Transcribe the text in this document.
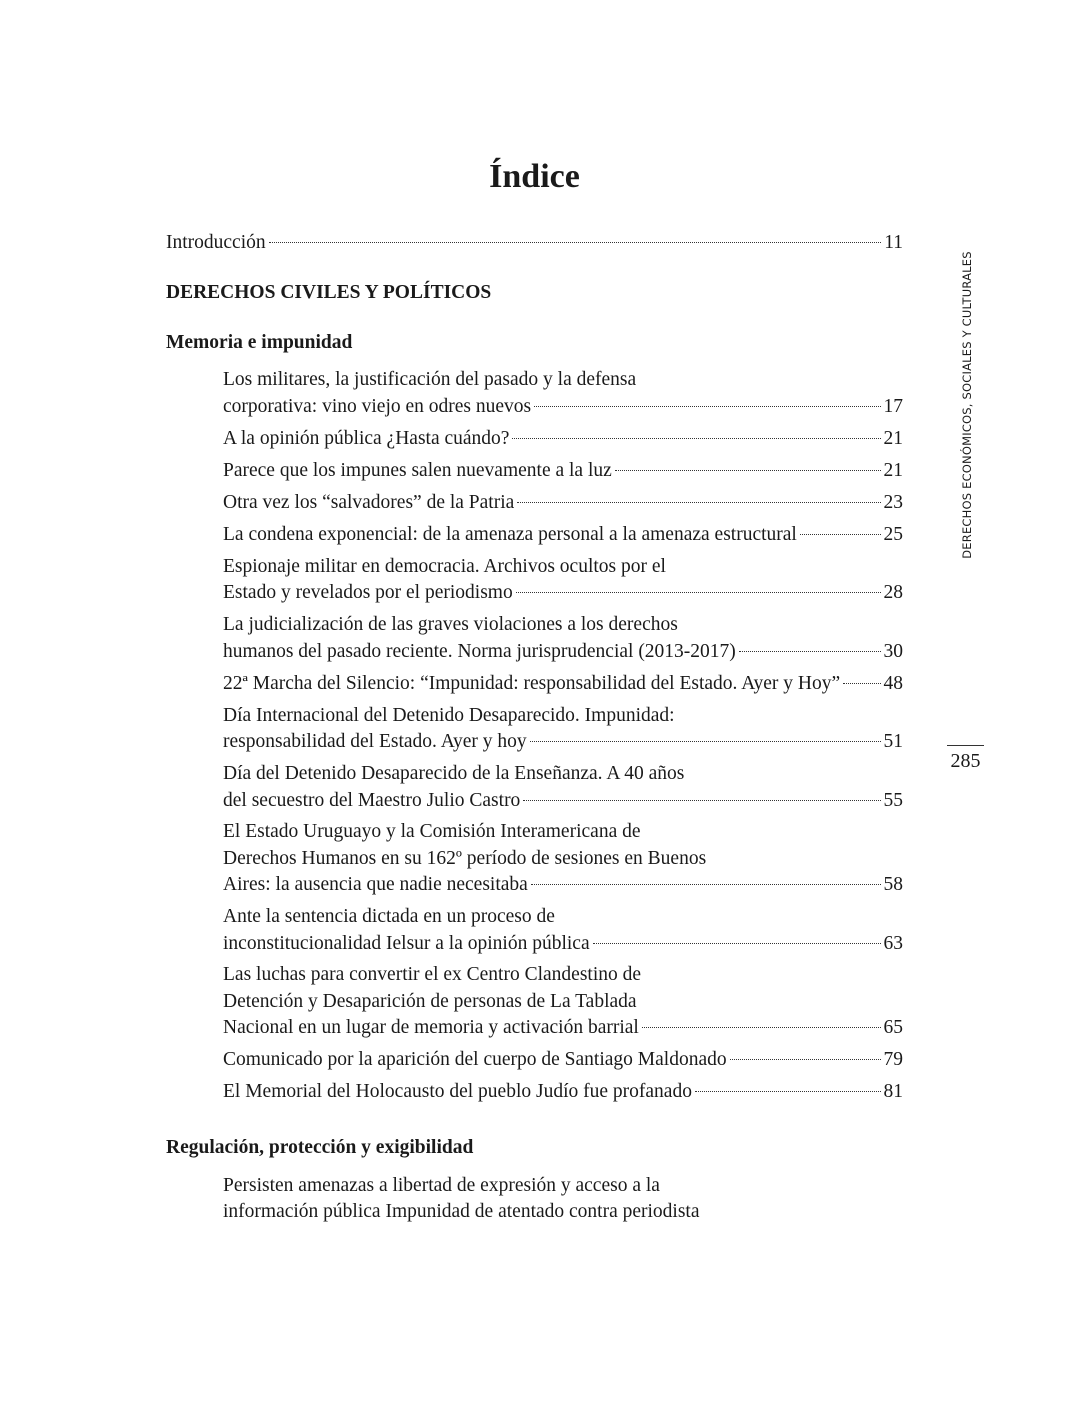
Índice
Introducción	11
DERECHOS CIVILES Y POLÍTICOS
Memoria e impunidad
Los militares, la justificación del pasado y la defensa
corporativa: vino viejo en odres nuevos	17
A la opinión pública ¿Hasta cuándo?	21
Parece que los impunes salen nuevamente a la luz	21
Otra vez los “salvadores” de la Patria	23
La condena exponencial: de la amenaza personal a la amenaza estructural	25
Espionaje militar en democracia. Archivos ocultos por el
Estado y revelados por el periodismo	28
La judicialización de las graves violaciones a los derechos
humanos del pasado reciente. Norma jurisprudencial (2013-2017)	30
22ª Marcha del Silencio: “Impunidad: responsabilidad del Estado. Ayer y Hoy” 48
Día Internacional del Detenido Desaparecido. Impunidad:
responsabilidad del Estado. Ayer y hoy	51
Día del Detenido Desaparecido de la Enseñanza. A 40 años
del secuestro del Maestro Julio Castro	55
El Estado Uruguayo y la Comisión Interamericana de
Derechos Humanos en su 162º período de sesiones en Buenos
Aires: la ausencia que nadie necesitaba	58
Ante la sentencia dictada en un proceso de
inconstitucionalidad Ielsur a la opinión pública	63
Las luchas para convertir el ex Centro Clandestino de
Detención y Desaparición de personas de La Tablada
Nacional en un lugar de memoria y activación barrial	65
Comunicado por la aparición del cuerpo de Santiago Maldonado	79
El Memorial del Holocausto del pueblo Judío fue profanado	81
Regulación, protección y exigibilidad
Persisten amenazas a libertad de expresión y acceso a la
información pública Impunidad de atentado contra periodista
DERECHOS ECONÓMICOS, SOCIALES Y CULTURALES
285
